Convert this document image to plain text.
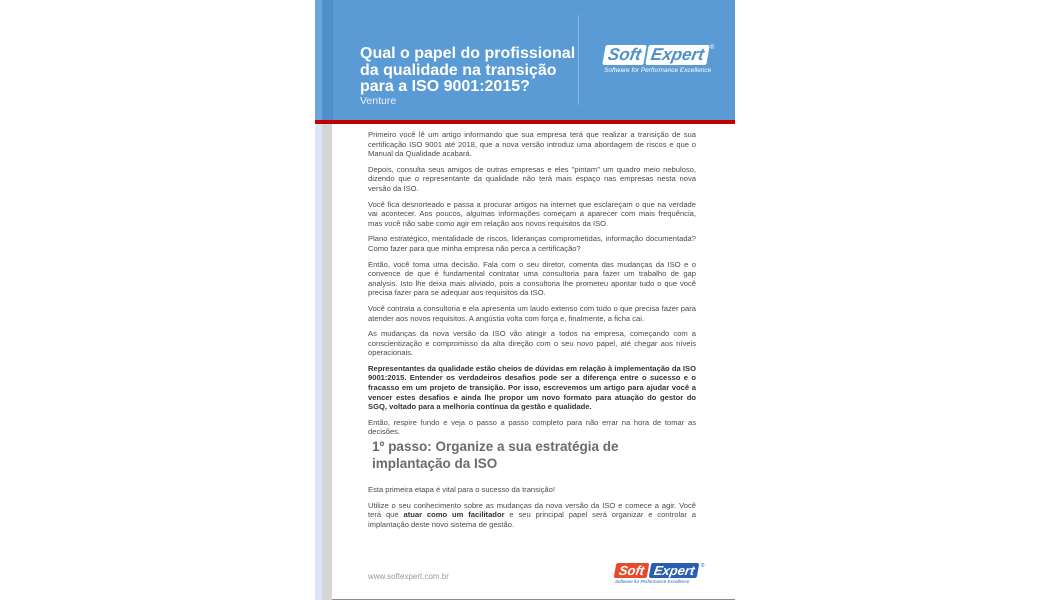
Qual o papel do profissional da qualidade na transição para a ISO 9001:2015?
Venture
Soft Expert ®
Software for Performance Excellence

Primeiro você lê um artigo informando que sua empresa terá que realizar a transição de sua certificação ISO 9001 até 2018, que a nova versão introduz uma abordagem de riscos e que o Manual da Qualidade acabará.

Depois, consulta seus amigos de outras empresas e eles "pintam" um quadro meio nebuloso, dizendo que o representante da qualidade não terá mais espaço nas empresas nesta nova versão da ISO.

Você fica desnorteado e passa a procurar artigos na internet que esclareçam o que na verdade vai acontecer. Aos poucos, algumas informações começam a aparecer com mais frequência, mas você não sabe como agir em relação aos novos requisitos da ISO.

Plano estratégico, mentalidade de riscos, lideranças comprometidas, informação documentada? Como fazer para que minha empresa não perca a certificação?

Então, você toma uma decisão. Fala com o seu diretor, comenta das mudanças da ISO e o convence de que é fundamental contratar uma consultoria para fazer um trabalho de gap analysis. Isto lhe deixa mais aliviado, pois a consultoria lhe prometeu apontar tudo o que você precisa fazer para se adequar aos requisitos da ISO.

Você contrata a consultoria e ela apresenta um laudo extenso com tudo o que precisa fazer para atender aos novos requisitos. A angústia volta com força e, finalmente, a ficha cai.

As mudanças da nova versão da ISO vão atingir a todos na empresa, começando com a conscientização e compromisso da alta direção com o seu novo papel, até chegar aos níveis operacionais.

Representantes da qualidade estão cheios de dúvidas em relação à implementação da ISO 9001:2015. Entender os verdadeiros desafios pode ser a diferença entre o sucesso e o fracasso em um projeto de transição. Por isso, escrevemos um artigo para ajudar você a vencer estes desafios e ainda lhe propor um novo formato para atuação do gestor do SGQ, voltado para a melhoria contínua da gestão e qualidade.

Então, respire fundo e veja o passo a passo completo para não errar na hora de tomar as decisões.

1º passo: Organize a sua estratégia de implantação da ISO

Esta primeira etapa é vital para o sucesso da transição!

Utilize o seu conhecimento sobre as mudanças da nova versão da ISO e comece a agir. Você terá que atuar como um facilitador e seu principal papel será organizar e controlar a implantação deste novo sistema de gestão.

www.softexpert.com.br	Soft Expert ®
Software for Performance Excellence
